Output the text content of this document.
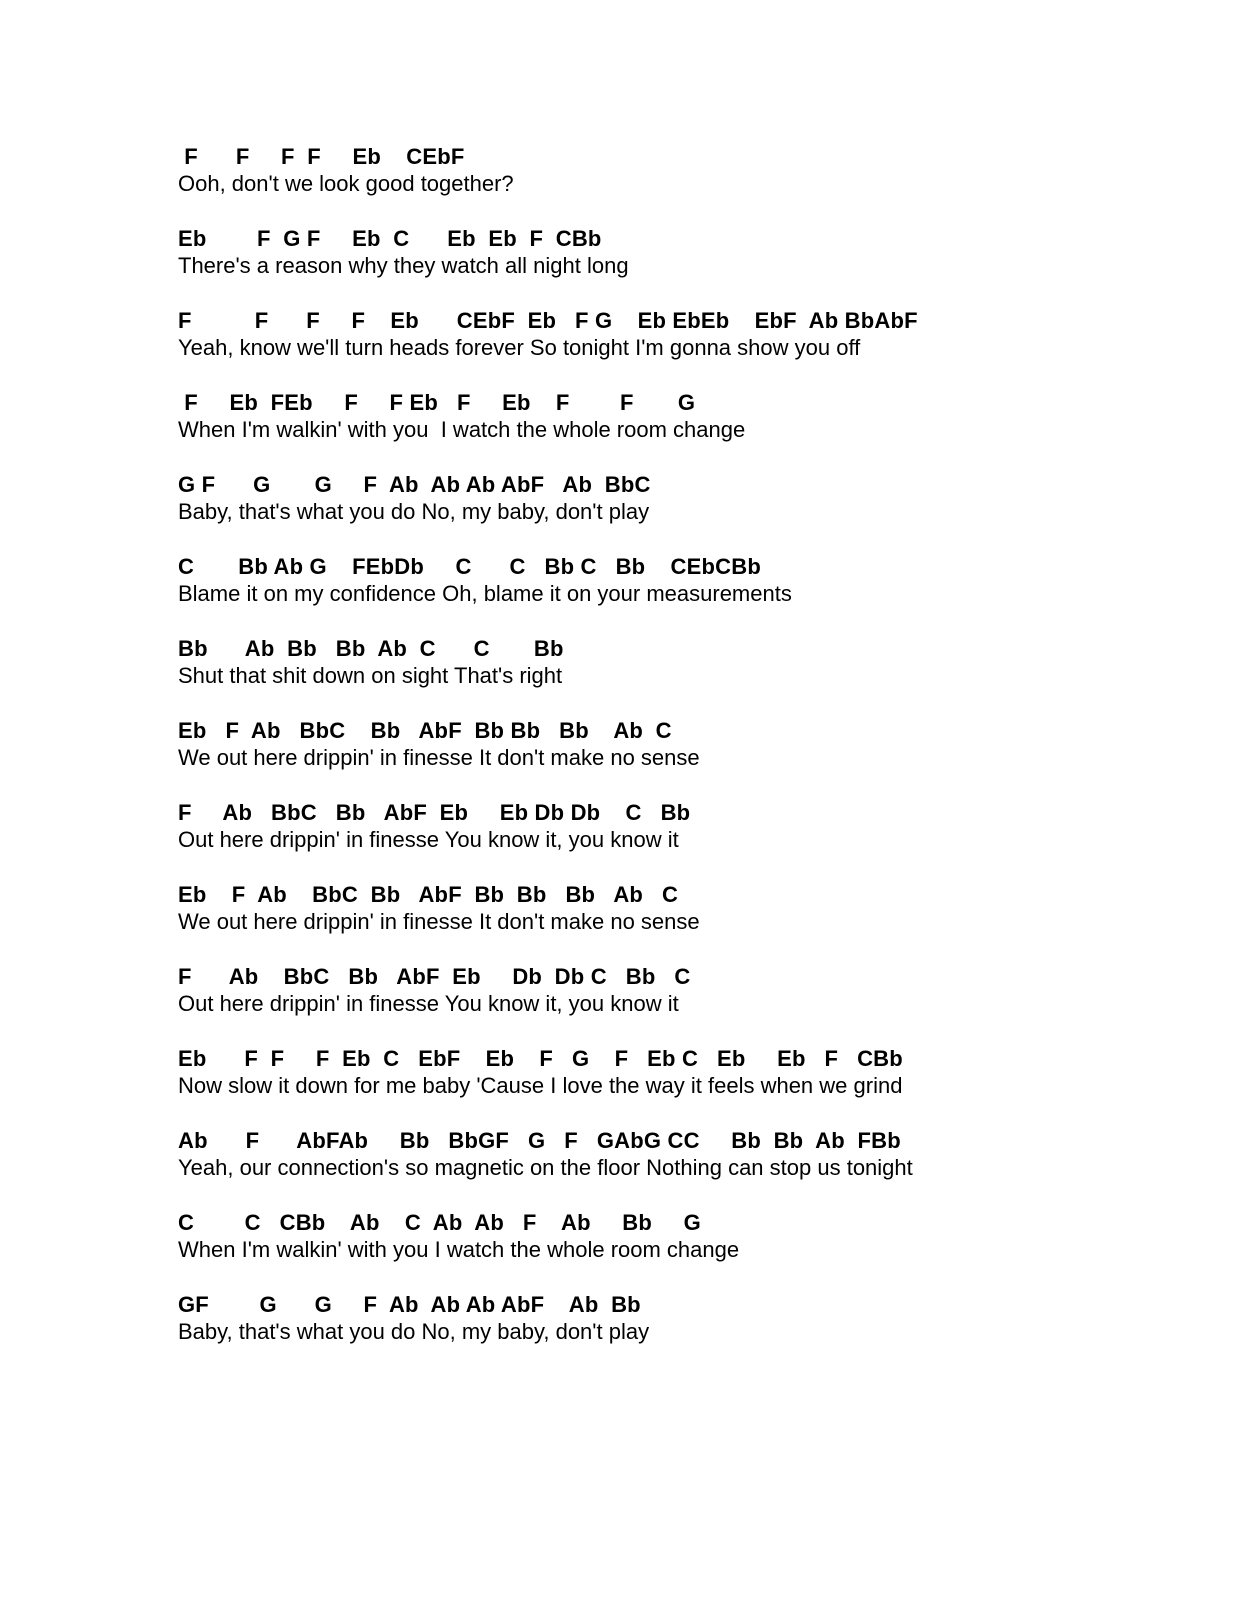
F      F     F  F     Eb    CEbF
Ooh, don't we look good together?
Eb        F  G F     Eb  C      Eb  Eb  F  CBb
There's a reason why they watch all night long
F          F      F     F    Eb      CEbF  Eb   F G    Eb EbEb    EbF  Ab BbAbF
Yeah, know we'll turn heads forever So tonight I'm gonna show you off
F     Eb  FEb     F     F Eb   F     Eb    F        F       G
When I'm walkin' with you  I watch the whole room change
G F      G       G     F  Ab  Ab Ab AbF   Ab  BbC
Baby, that's what you do No, my baby, don't play
C       Bb Ab G    FEbDb     C      C   Bb C   Bb    CEbCBb
Blame it on my confidence Oh, blame it on your measurements
Bb      Ab  Bb   Bb  Ab  C      C       Bb
Shut that shit down on sight That's right
Eb   F  Ab   BbC    Bb   AbF  Bb Bb   Bb    Ab  C
We out here drippin' in finesse It don't make no sense
F     Ab   BbC   Bb   AbF  Eb     Eb Db Db    C   Bb
Out here drippin' in finesse You know it, you know it
Eb    F  Ab    BbC  Bb   AbF  Bb  Bb   Bb   Ab   C
We out here drippin' in finesse It don't make no sense
F      Ab    BbC   Bb   AbF  Eb     Db  Db C   Bb   C
Out here drippin' in finesse You know it, you know it
Eb      F  F     F  Eb  C   EbF    Eb    F   G    F   Eb C   Eb     Eb   F   CBb
Now slow it down for me baby 'Cause I love the way it feels when we grind
Ab      F      AbFAb     Bb   BbGF   G   F   GAbG CC     Bb  Bb  Ab  FBb
Yeah, our connection's so magnetic on the floor Nothing can stop us tonight
C        C   CBb    Ab    C  Ab  Ab   F    Ab     Bb     G
When I'm walkin' with you I watch the whole room change
GF        G      G     F  Ab  Ab Ab AbF    Ab  Bb
Baby, that's what you do No, my baby, don't play
